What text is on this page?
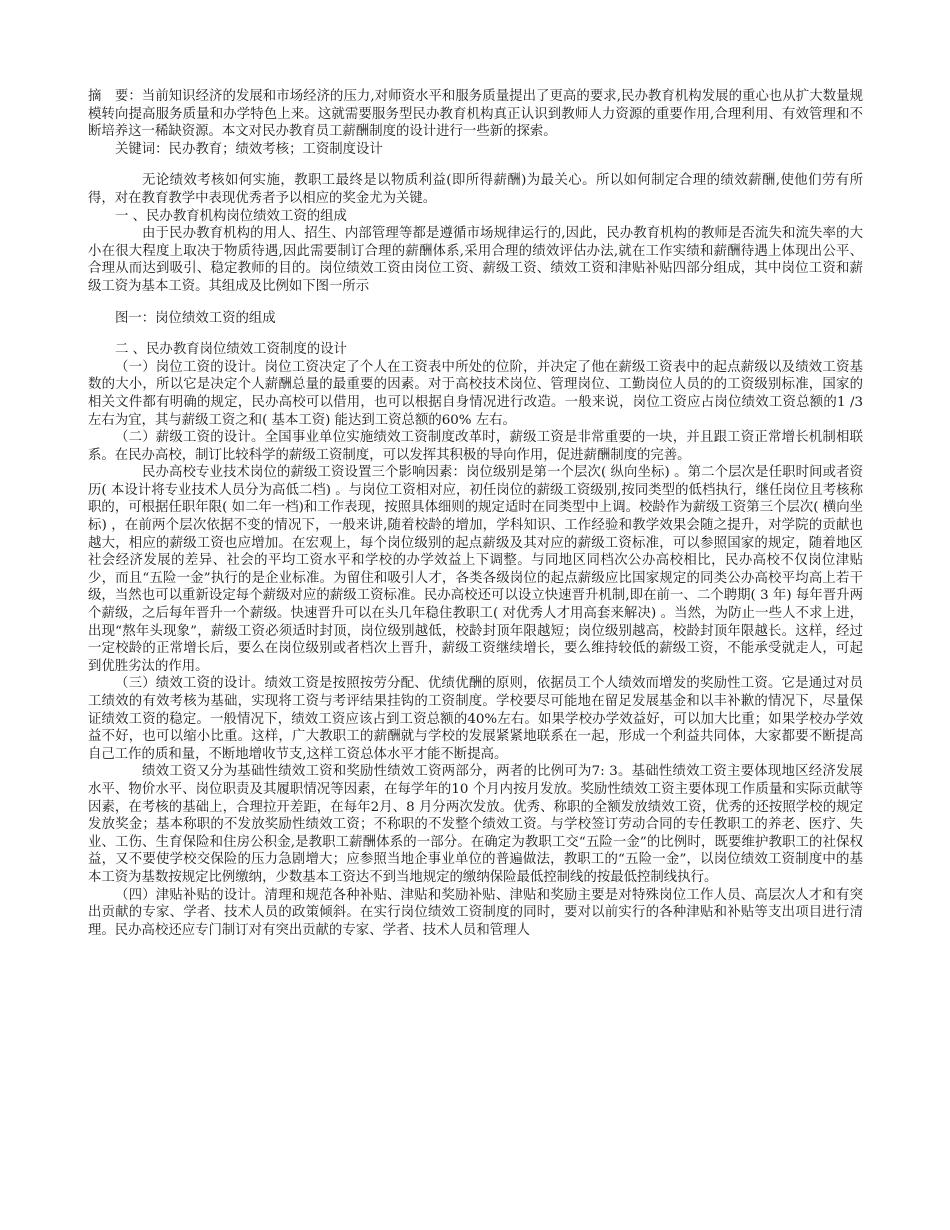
摘　要：当前知识经济的发展和市场经济的压力,对师资水平和服务质量提出了更高的要求,民办教育机构发展的重心也从扩大数量规模转向提高服务质量和办学特色上来。这就需要服务型民办教育机构真正认识到教师人力资源的重要作用,合理利用、有效管理和不断培养这一稀缺资源。本文对民办教育员工薪酬制度的设计进行一些新的探索。

关键词：民办教育；绩效考核；工资制度设计

无论绩效考核如何实施，教职工最终是以物质利益(即所得薪酬)为最关心。所以如何制定合理的绩效薪酬,使他们劳有所得，对在教育教学中表现优秀者予以相应的奖金尤为关键。

一 、民办教育机构岗位绩效工资的组成

由于民办教育机构的用人、招生、内部管理等都是遵循市场规律运行的,因此，民办教育机构的教师是否流失和流失率的大小在很大程度上取决于物质待遇,因此需要制订合理的薪酬体系,采用合理的绩效评估办法,就在工作实绩和薪酬待遇上体现出公平、合理从而达到吸引、稳定教师的目的。岗位绩效工资由岗位工资、薪级工资、绩效工资和津贴补贴四部分组成，其中岗位工资和薪级工资为基本工资。其组成及比例如下图一所示

图一：岗位绩效工资的组成

二 、民办教育岗位绩效工资制度的设计

（一）岗位工资的设计。岗位工资决定了个人在工资表中所处的位阶，并决定了他在薪级工资表中的起点薪级以及绩效工资基数的大小，所以它是决定个人薪酬总量的最重要的因素。对于高校技术岗位、管理岗位、工勤岗位人员的的工资级别标准，国家的相关文件都有明确的规定，民办高校可以借用，也可以根据自身情况进行改造。一般来说，岗位工资应占岗位绩效工资总额的1 /3 左右为宜，其与薪级工资之和( 基本工资) 能达到工资总额的60% 左右。

（二）薪级工资的设计。全国事业单位实施绩效工资制度改革时，薪级工资是非常重要的一块，并且跟工资正常增长机制相联系。在民办高校，制订比较科学的薪级工资制度，可以发挥其积极的导向作用，促进薪酬制度的完善。

民办高校专业技术岗位的薪级工资设置三个影响因素：岗位级别是第一个层次( 纵向坐标) 。第二个层次是任职时间或者资历( 本设计将专业技术人员分为高低二档) 。与岗位工资相对应，初任岗位的薪级工资级别,按同类型的低档执行，继任岗位且考核称职的，可根据任职年限( 如二年一档)和工作表现，按照具体细则的规定适时在同类型中上调。校龄作为薪级工资第三个层次( 横向坐标) ，在前两个层次依据不变的情况下，一般来讲,随着校龄的增加，学科知识、工作经验和教学效果会随之提升，对学院的贡献也越大，相应的薪级工资也应增加。在宏观上，每个岗位级别的起点薪级及其对应的薪级工资标准，可以参照国家的规定，随着地区社会经济发展的差异、社会的平均工资水平和学校的办学效益上下调整。与同地区同档次公办高校相比，民办高校不仅岗位津贴少，而且“五险一金”执行的是企业标准。为留住和吸引人才，各类各级岗位的起点薪级应比国家规定的同类公办高校平均高上若干级，当然也可以重新设定每个薪级对应的薪级工资标准。民办高校还可以设立快速晋升机制,即在前一、二个聘期( 3 年) 每年晋升两个薪级，之后每年晋升一个薪级。快速晋升可以在头几年稳住教职工( 对优秀人才用高套来解决) 。当然，为防止一些人不求上进，出现“熬年头现象”，薪级工资必须适时封顶，岗位级别越低，校龄封顶年限越短；岗位级别越高，校龄封顶年限越长。这样，经过一定校龄的正常增长后，要么在岗位级别或者档次上晋升，薪级工资继续增长，要么维持较低的薪级工资，不能承受就走人，可起到优胜劣汰的作用。

（三）绩效工资的设计。绩效工资是按照按劳分配、优绩优酬的原则，依据员工个人绩效而增发的奖励性工资。它是通过对员工绩效的有效考核为基础，实现将工资与考评结果挂钩的工资制度。学校要尽可能地在留足发展基金和以丰补歉的情况下，尽量保证绩效工资的稳定。一般情况下，绩效工资应该占到工资总额的40%左右。如果学校办学效益好，可以加大比重；如果学校办学效益不好，也可以缩小比重。这样，广大教职工的薪酬就与学校的发展紧紧地联系在一起，形成一个利益共同体，大家都要不断提高自己工作的质和量，不断地增收节支,这样工资总体水平才能不断提高。

绩效工资又分为基础性绩效工资和奖励性绩效工资两部分，两者的比例可为7: 3。基础性绩效工资主要体现地区经济发展水平、物价水平、岗位职责及其履职情况等因素，在每学年的10 个月内按月发放。奖励性绩效工资主要体现工作质量和实际贡献等因素，在考核的基础上，合理拉开差距，在每年2月、8 月分两次发放。优秀、称职的全额发放绩效工资，优秀的还按照学校的规定发放奖金；基本称职的不发放奖励性绩效工资；不称职的不发整个绩效工资。与学校签订劳动合同的专任教职工的养老、医疗、失业、工伤、生育保险和住房公积金,是教职工薪酬体系的一部分。在确定为教职工交“五险一金”的比例时，既要维护教职工的社保权益，又不要使学校交保险的压力急剧增大；应参照当地企事业单位的普遍做法，教职工的“五险一金”，以岗位绩效工资制度中的基本工资为基数按规定比例缴纳，少数基本工资达不到当地规定的缴纳保险最低控制线的按最低控制线执行。

（四）津贴补贴的设计。清理和规范各种补贴、津贴和奖励补贴、津贴和奖励主要是对特殊岗位工作人员、高层次人才和有突出贡献的专家、学者、技术人员的政策倾斜。在实行岗位绩效工资制度的同时，要对以前实行的各种津贴和补贴等支出项目进行清理。民办高校还应专门制订对有突出贡献的专家、学者、技术人员和管理人
